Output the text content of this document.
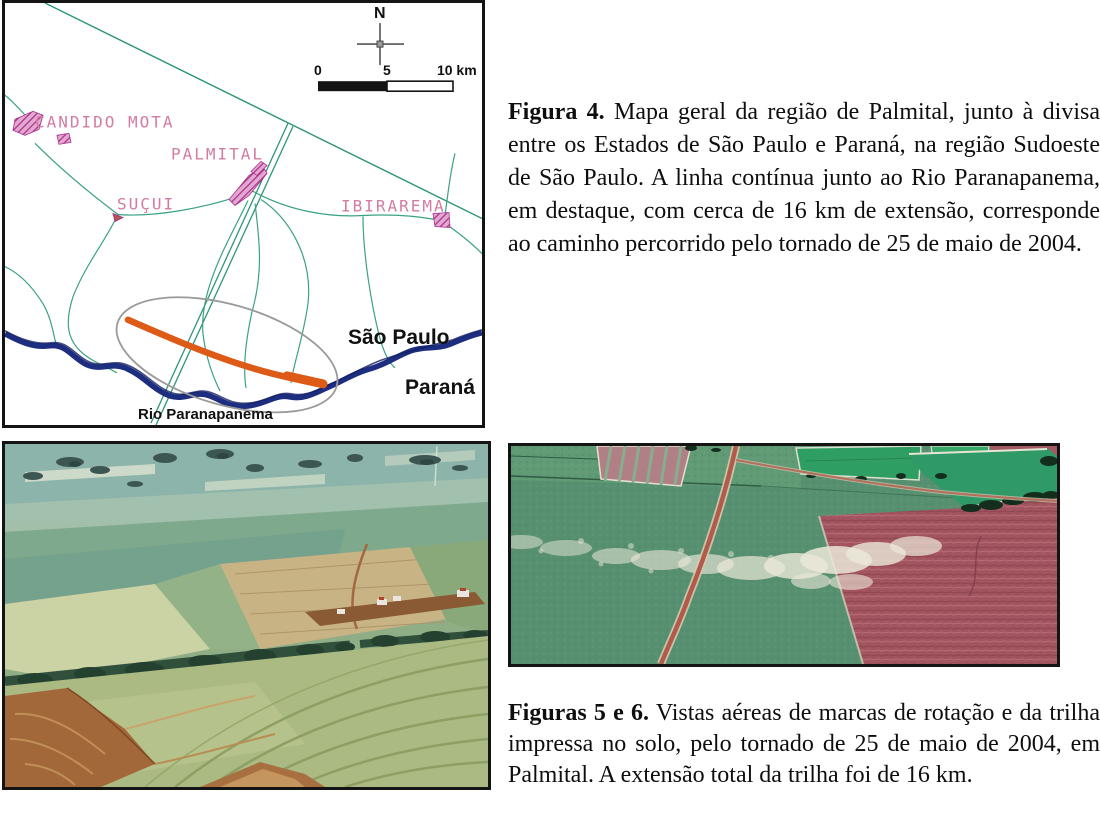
CANDIDO MOTA
PALMITAL
SUÇUI	IBIRAREMA
São Paulo
Paraná
Rio Paranapanema
N
0	5	10 km

Figura 4. Mapa geral da região de Palmital, junto à divisa entre os Estados de São Paulo e Paraná, na região Sudoeste de São Paulo. A linha contínua junto ao Rio Paranapanema, em destaque, com cerca de 16 km de extensão, corresponde ao caminho percorrido pelo tornado de 25 de maio de 2004.

Figuras 5 e 6. Vistas aéreas de marcas de rotação e da trilha impressa no solo, pelo tornado de 25 de maio de 2004, em Palmital. A extensão total da trilha foi de 16 km.
